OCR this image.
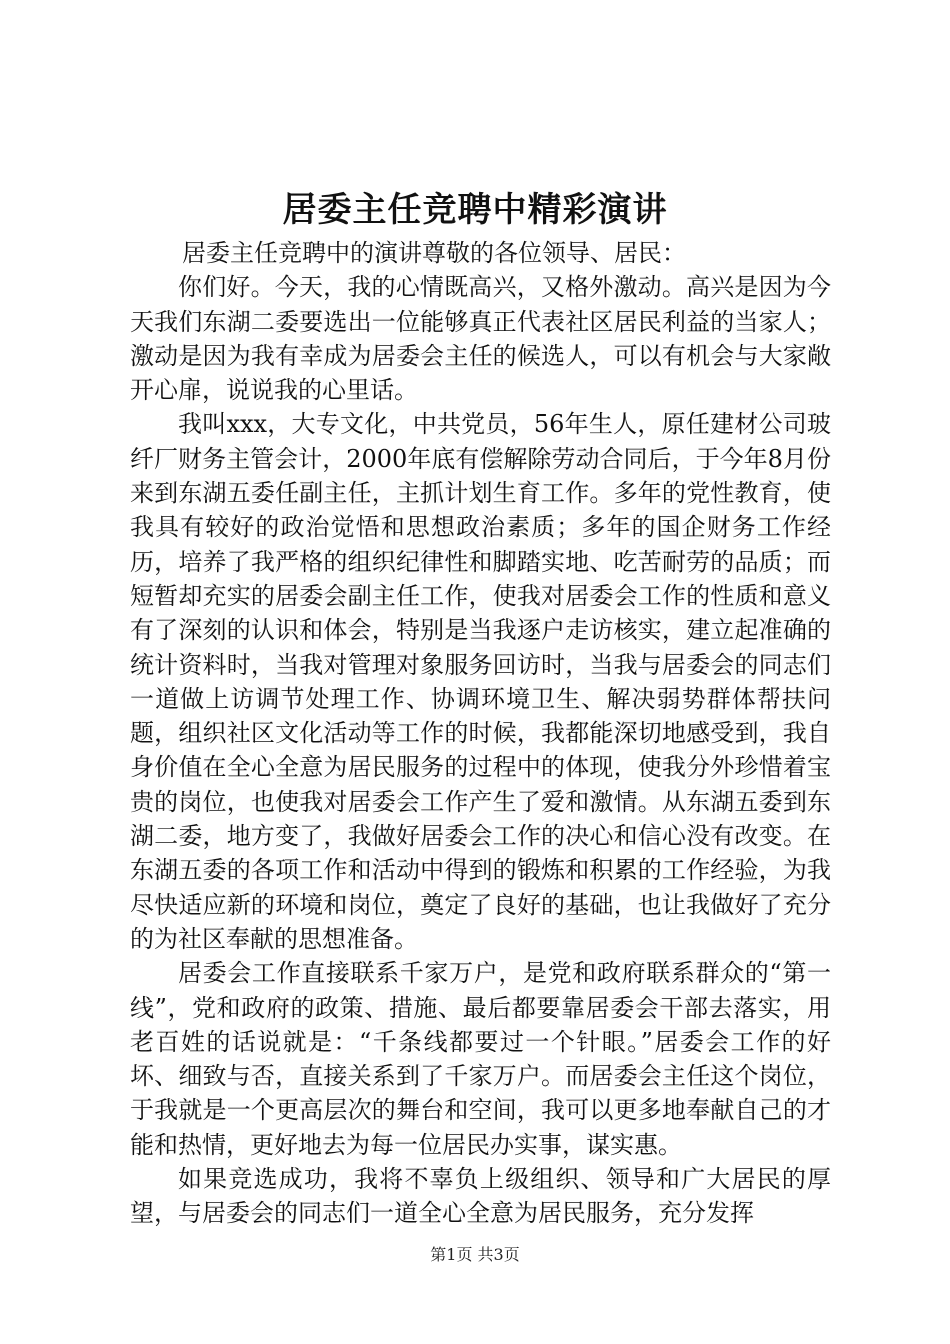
居委主任竞聘中精彩演讲

居委主任竞聘中的演讲尊敬的各位领导、居民：

你们好。今天，我的心情既高兴，又格外激动。高兴是因为今天我们东湖二委要选出一位能够真正代表社区居民利益的当家人；激动是因为我有幸成为居委会主任的候选人，可以有机会与大家敞开心扉，说说我的心里话。

我叫xxx，大专文化，中共党员，56年生人，原任建材公司玻纤厂财务主管会计，2000年底有偿解除劳动合同后，于今年8月份来到东湖五委任副主任，主抓计划生育工作。多年的党性教育，使我具有较好的政治觉悟和思想政治素质；多年的国企财务工作经历，培养了我严格的组织纪律性和脚踏实地、吃苦耐劳的品质；而短暂却充实的居委会副主任工作，使我对居委会工作的性质和意义有了深刻的认识和体会，特别是当我逐户走访核实，建立起准确的统计资料时，当我对管理对象服务回访时，当我与居委会的同志们一道做上访调节处理工作、协调环境卫生、解决弱势群体帮扶问题，组织社区文化活动等工作的时候，我都能深切地感受到，我自身价值在全心全意为居民服务的过程中的体现，使我分外珍惜着宝贵的岗位，也使我对居委会工作产生了爱和激情。从东湖五委到东湖二委，地方变了，我做好居委会工作的决心和信心没有改变。在东湖五委的各项工作和活动中得到的锻炼和积累的工作经验，为我尽快适应新的环境和岗位，奠定了良好的基础，也让我做好了充分的为社区奉献的思想准备。

居委会工作直接联系千家万户，是党和政府联系群众的“第一线”，党和政府的政策、措施、最后都要靠居委会干部去落实，用老百姓的话说就是：“千条线都要过一个针眼。”居委会工作的好坏、细致与否，直接关系到了千家万户。而居委会主任这个岗位，于我就是一个更高层次的舞台和空间，我可以更多地奉献自己的才能和热情，更好地去为每一位居民办实事，谋实惠。

如果竞选成功，我将不辜负上级组织、领导和广大居民的厚望，与居委会的同志们一道全心全意为居民服务，充分发挥

第1页 共3页
